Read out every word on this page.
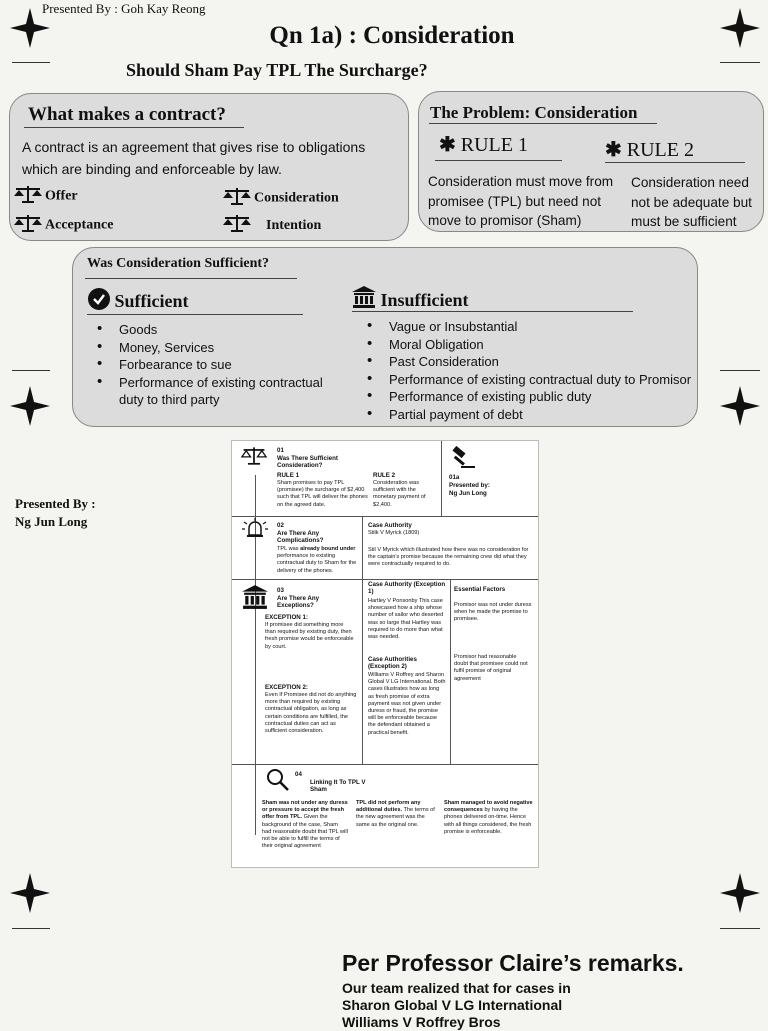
Presented By : Goh Kay Reong
Qn 1a) : Consideration
Should Sham Pay TPL The Surcharge?
What makes a contract?
A contract is an agreement that gives rise to obligations which are binding and enforceable by law.
Offer	Consideration
Acceptance	Intention
The Problem: Consideration
✱ RULE 1	✱ RULE 2
Consideration must move from promisee (TPL) but need not move to promisor (Sham)
Consideration need not be adequate but must be sufficient
Was Consideration Sufficient?
Sufficient
• Goods
• Money, Services
• Forbearance to sue
• Performance of existing contractual duty to third party
Insufficient
• Vague or Insubstantial
• Moral Obligation
• Past Consideration
• Performance of existing contractual duty to Promisor
• Performance of existing public duty
• Partial payment of debt
Presented By :
Ng Jun Long
01
Was There Sufficient Consideration?
RULE 1
Sham promises to pay TPL (promisee) the surcharge of $2,400 such that TPL will deliver the phones on the agreed date.
RULE 2
Consideration was sufficient with the monetary payment of $2,400.
01a
Presented by:
Ng Jun Long
02
Are There Any Complications?
TPL was already bound under performance to existing contractual duty to Sham for the delivery of the phones.
Case Authority
Stilk V Myrick (1809)
Stil V Myrick which illustrated how there was no consideration for the captain's promise because the remaining crew did what they were contractually required to do.
03
Are There Any Exceptions?
EXCEPTION 1:
If promisee did something more than required by existing duty, then fresh promise would be enforceable by court.
EXCEPTION 2:
Even If Promisee did not do anything more than required by existing contractual obligation, as long as certain conditions are fulfilled, the contractual duties can act as sufficient consideration.
Case Authority (Exception 1)
Hartley V Ponsonby This case showcased how a ship whose number of sailor who deserted was so large that Hartley was required to do more than what was needed.
Case Authorities (Exception 2)
Williams V Roffrey and Sharon Global V LG International. Both cases illustrates how as long as fresh promise of extra payment was not given under duress or fraud, the promise will be enforceable because the defendant obtained a practical benefit.
Essential Factors
Promisor was not under duress when he made the promise to promisee.
Promisor had reasonable doubt that promisee could not fulfil promise of original agreement
04
Linking It To TPL V Sham
Sham was not under any duress or pressure to accept the fresh offer from TPL. Given the background of the case, Sham had reasonable doubt that TPL will not be able to fulfill the terms of their original agreement
TPL did not perform any additional duties. The terms of the new agreement was the same as the original one.
Sham managed to avoid negative consequences by having the phones delivered on-time. Hence with all things considered, the fresh promise is enforceable.
Per Professor Claire’s remarks.
Our team realized that for cases in
Sharon Global V LG International
Williams V Roffrey Bros
